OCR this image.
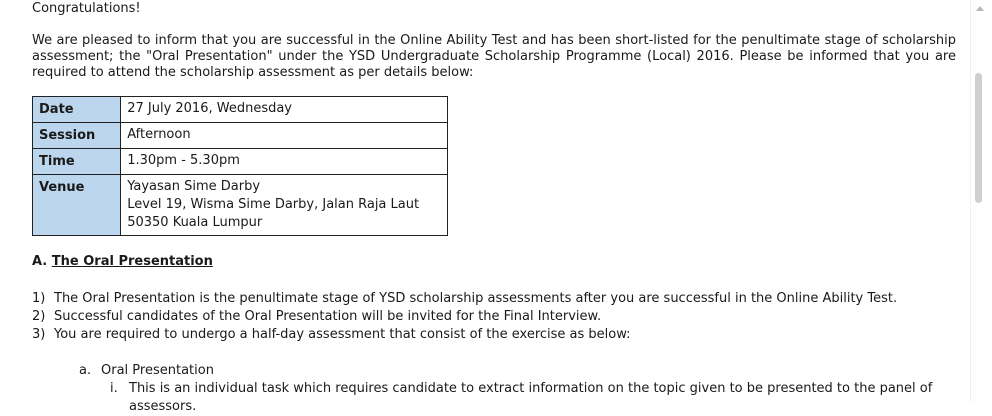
Congratulations!
We are pleased to inform that you are successful in the Online Ability Test and has been short-listed for the penultimate stage of scholarship assessment; the "Oral Presentation" under the YSD Undergraduate Scholarship Programme (Local) 2016. Please be informed that you are required to attend the scholarship assessment as per details below:
Date	27 July 2016, Wednesday
Session	Afternoon
Time	1.30pm - 5.30pm
Venue	Yayasan Sime Darby
Level 19, Wisma Sime Darby, Jalan Raja Laut
50350 Kuala Lumpur
A. The Oral Presentation
1) The Oral Presentation is the penultimate stage of YSD scholarship assessments after you are successful in the Online Ability Test.
2) Successful candidates of the Oral Presentation will be invited for the Final Interview.
3) You are required to undergo a half-day assessment that consist of the exercise as below:
a. Oral Presentation
i. This is an individual task which requires candidate to extract information on the topic given to be presented to the panel of
assessors.
